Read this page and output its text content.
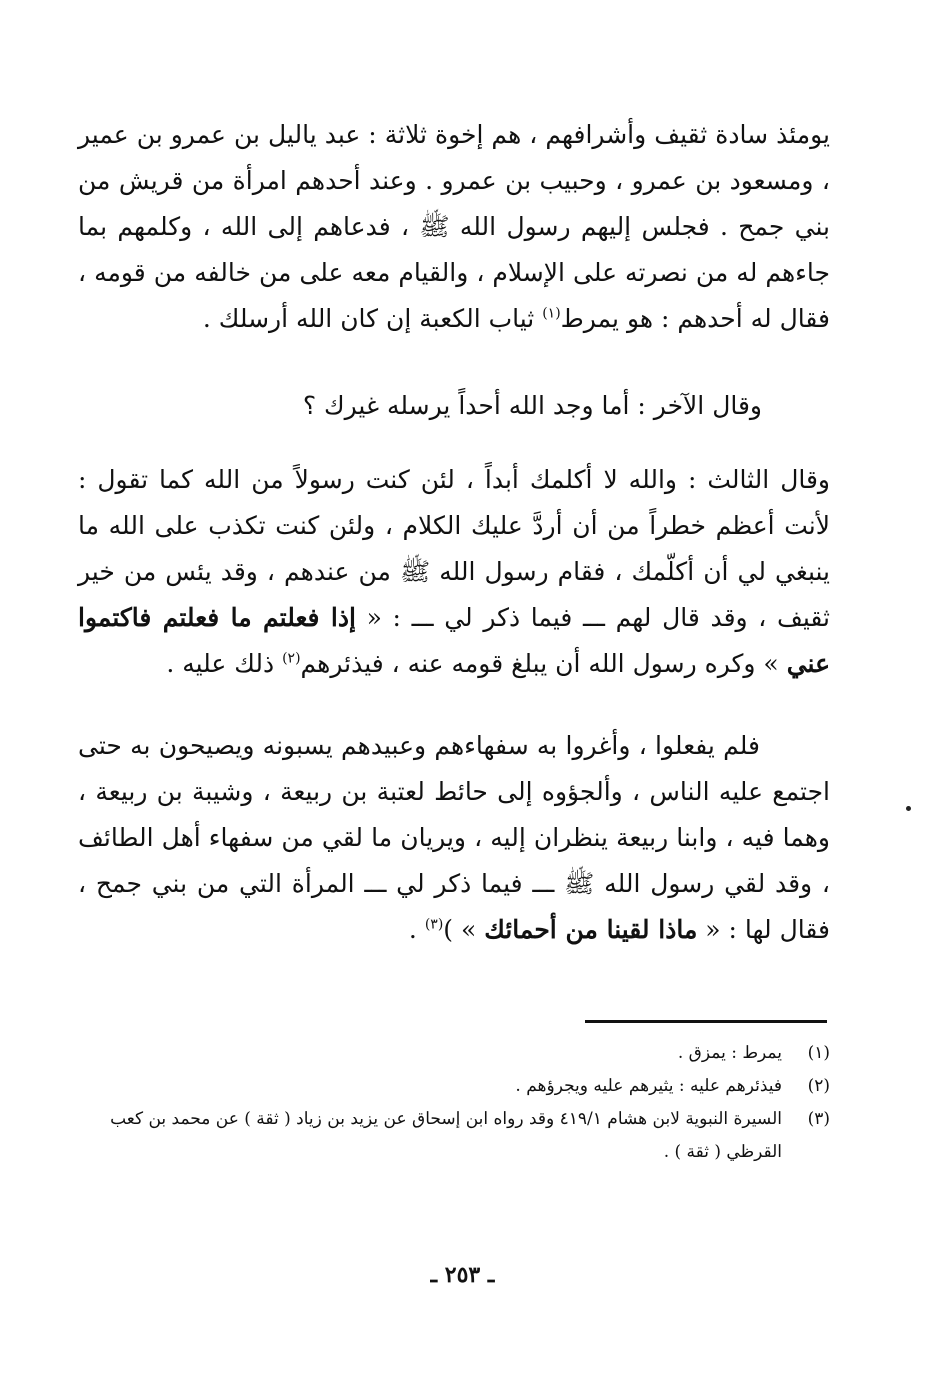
يومئذ سادة ثقيف وأشرافهم ، هم إخوة ثلاثة : عبد ياليل بن عمرو بن عمير ، ومسعود بن عمرو ، وحبيب بن عمرو . وعند أحدهم امرأة من قريش من بني جمح . فجلس إليهم رسول الله ﷺ ، فدعاهم إلى الله ، وكلمهم بما جاءهم له من نصرته على الإسلام ، والقيام معه على من خالفه من قومه ، فقال له أحدهم : هو يمرط$^{(١)}$ ثياب الكعبة إن كان الله أرسلك .
وقال الآخر : أما وجد الله أحداً يرسله غيرك ؟
وقال الثالث : والله لا أكلمك أبداً ، لئن كنت رسولاً من الله كما تقول : لأنت أعظم خطراً من أن أردَّ عليك الكلام ، ولئن كنت تكذب على الله ما ينبغي لي أن أكلّمك ، فقام رسول الله ﷺ من عندهم ، وقد يئس من خير ثقيف ، وقد قال لهم ـــ فيما ذكر لي ـــ : « إذا فعلتم ما فعلتم فاكتموا عني » وكره رسول الله أن يبلغ قومه عنه ، فيذئرهم$^{(٢)}$ ذلك عليه .
فلم يفعلوا ، وأغروا به سفهاءهم وعبيدهم يسبونه ويصيحون به حتى اجتمع عليه الناس ، وألجؤوه إلى حائط لعتبة بن ربيعة ، وشيبة بن ربيعة ، وهما فيه ، وابنا ربيعة ينظران إليه ، ويريان ما لقي من سفهاء أهل الطائف ، وقد لقي رسول الله ﷺ ـــ فيما ذكر لي ـــ المرأة التي من بني جمح ، فقال لها : « ماذا لقينا من أحمائك » )$^{(٣)}$ .
(١)
يمرط : يمزق .
(٢)
فيذئرهم عليه : يثيرهم عليه ويجرؤهم .
(٣)
السيرة النبوية لابن هشام ٤١٩/١ وقد رواه ابن إسحاق عن يزيد بن زياد ( ثقة ) عن محمد بن كعب القرظي ( ثقة ) .
ـ ٢٥٣ ـ
